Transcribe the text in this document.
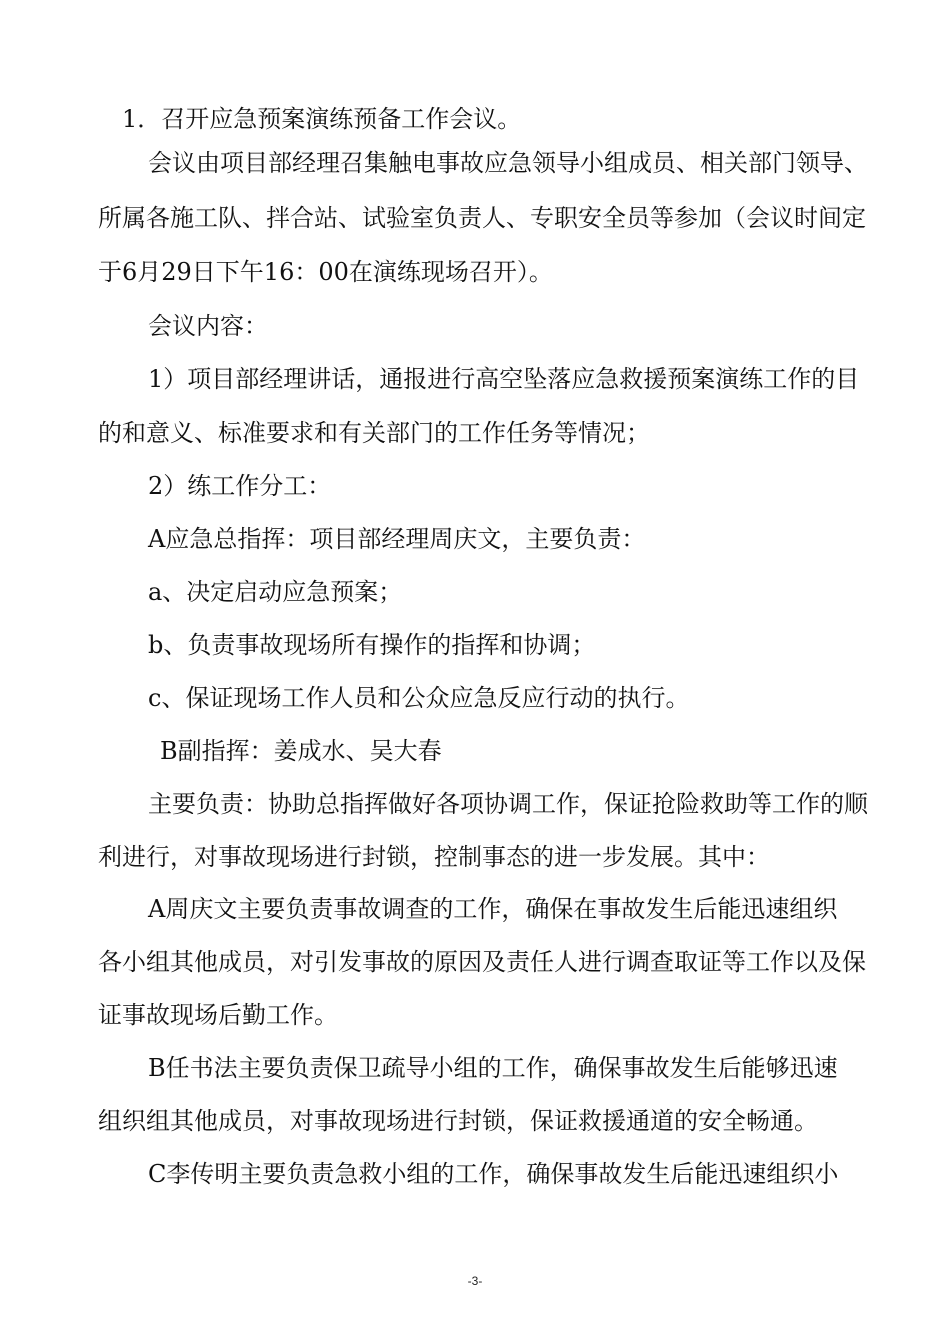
1．召开应急预案演练预备工作会议。
会议由项目部经理召集触电事故应急领导小组成员、相关部门领导、
所属各施工队、拌合站、试验室负责人、专职安全员等参加（会议时间定
于6月29日下午16：00在演练现场召开）。
会议内容：
1）项目部经理讲话，通报进行高空坠落应急救援预案演练工作的目
的和意义、标准要求和有关部门的工作任务等情况；
2）练工作分工：
A应急总指挥：项目部经理周庆文，主要负责：
a、决定启动应急预案；
b、负责事故现场所有操作的指挥和协调；
c、保证现场工作人员和公众应急反应行动的执行。
B副指挥：姜成水、吴大春
主要负责：协助总指挥做好各项协调工作，保证抢险救助等工作的顺
利进行，对事故现场进行封锁，控制事态的进一步发展。其中：
A周庆文主要负责事故调查的工作，确保在事故发生后能迅速组织
各小组其他成员，对引发事故的原因及责任人进行调查取证等工作以及保
证事故现场后勤工作。
B任书法主要负责保卫疏导小组的工作，确保事故发生后能够迅速
组织组其他成员，对事故现场进行封锁，保证救援通道的安全畅通。
C李传明主要负责急救小组的工作，确保事故发生后能迅速组织小
-3-
